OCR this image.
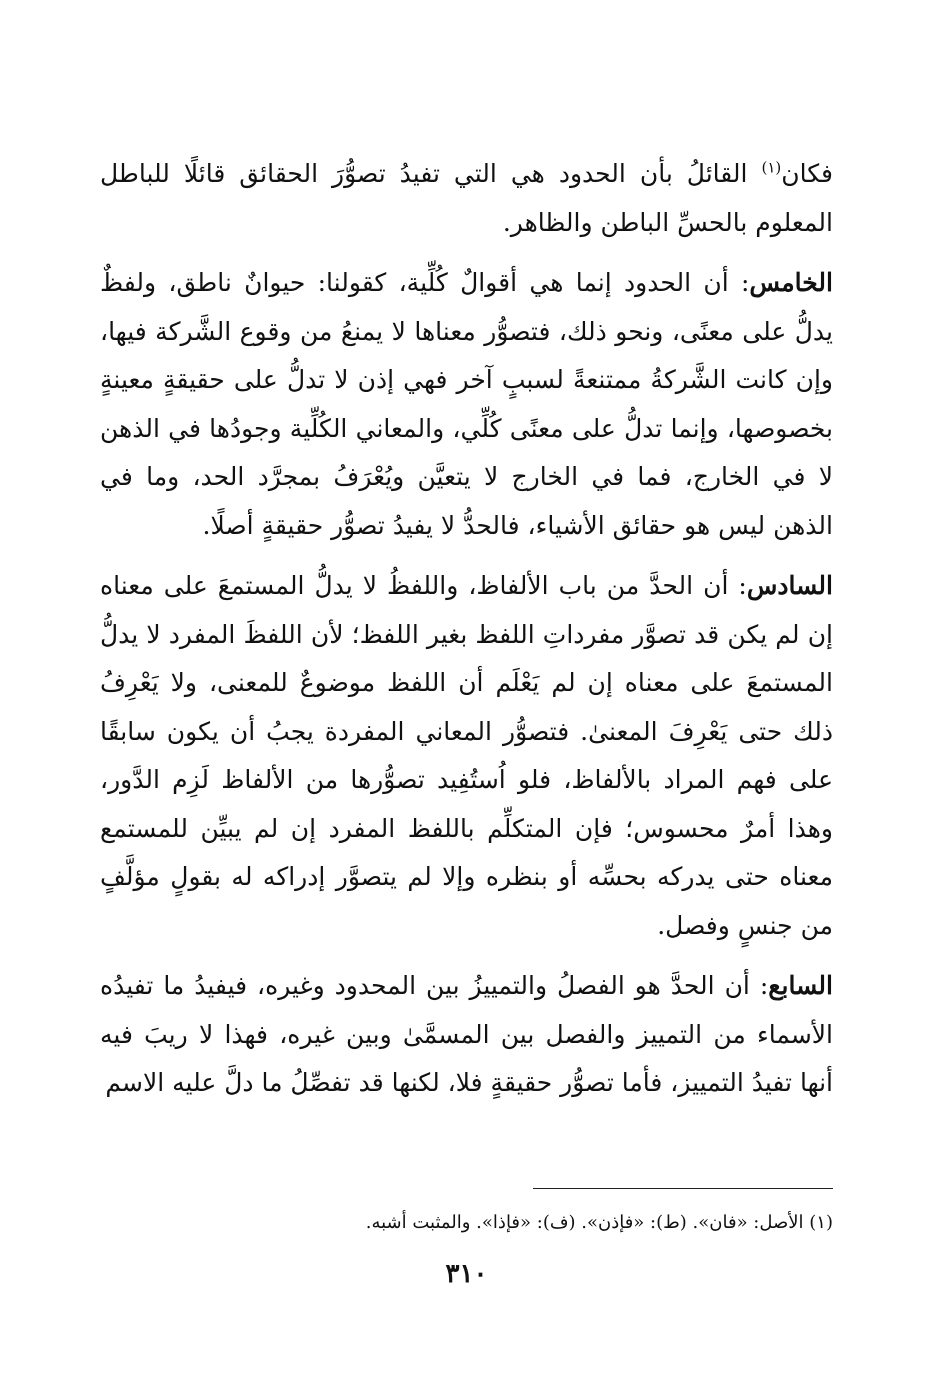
فكان$^{(١)}$ القائلُ بأن الحدود هي التي تفيدُ تصوُّرَ الحقائق قائلًا للباطل المعلوم بالحسِّ الباطن والظاهر.

الخامس: أن الحدود إنما هي أقوالٌ كُلِّية، كقولنا: حيوانٌ ناطق، ولفظٌ يدلُّ على معنًى، ونحو ذلك، فتصوُّر معناها لا يمنعُ من وقوع الشَّركة فيها، وإن كانت الشَّركةُ ممتنعةً لسببٍ آخر فهي إذن لا تدلُّ على حقيقةٍ معينةٍ بخصوصها، وإنما تدلُّ على معنًى كُلِّي، والمعاني الكُلِّية وجودُها في الذهن لا في الخارج، فما في الخارج لا يتعيَّن ويُعْرَفُ بمجرَّد الحد، وما في الذهن ليس هو حقائق الأشياء، فالحدُّ لا يفيدُ تصوُّر حقيقةٍ أصلًا.

السادس: أن الحدَّ من باب الألفاظ، واللفظُ لا يدلُّ المستمعَ على معناه إن لم يكن قد تصوَّر مفرداتِ اللفظ بغير اللفظ؛ لأن اللفظَ المفرد لا يدلُّ المستمعَ على معناه إن لم يَعْلَم أن اللفظ موضوعٌ للمعنى، ولا يَعْرِفُ ذلك حتى يَعْرِفَ المعنىٰ. فتصوُّر المعاني المفردة يجبُ أن يكون سابقًا على فهم المراد بالألفاظ، فلو اُستُفِيد تصوُّرها من الألفاظ لَزِم الدَّور، وهذا أمرٌ محسوس؛ فإن المتكلِّم باللفظ المفرد إن لم يبيِّن للمستمع معناه حتى يدركه بحسِّه أو بنظره وإلا لم يتصوَّر إدراكه له بقولٍ مؤلَّفٍ من جنسٍ وفصل.

السابع: أن الحدَّ هو الفصلُ والتمييزُ بين المحدود وغيره، فيفيدُ ما تفيدُه الأسماء من التمييز والفصل بين المسمَّىٰ وبين غيره، فهذا لا ريبَ فيه أنها تفيدُ التمييز، فأما تصوُّر حقيقةٍ فلا، لكنها قد تفصِّلُ ما دلَّ عليه الاسم

(١) الأصل: «فان». (ط): «فإذن». (ف): «فإذا». والمثبت أشبه.
٣١٠
